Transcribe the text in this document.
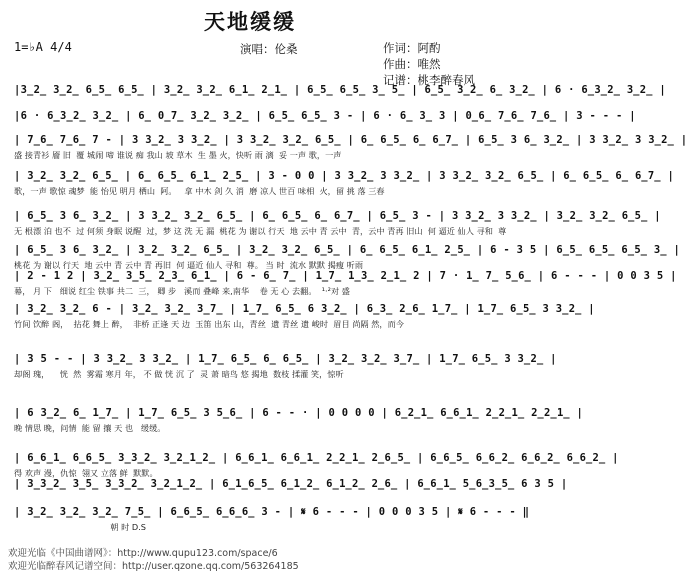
天地缓缓
1=♭A 4/4	演唱：伦桑	作词：阿酌
作曲：唯然
记谱：桃李醉春风
|3̲2̲ 3̲2̲ 6̲5̲ 6̲5̲ | 3̲2̲ 3̲2̲ 6̲1̲ 2̲1̲ | 6̲5̲ 6̲5̲ 3̲ 5̲ | 6̲5̲ 3̲2̲ 6̲ 3̲2̲ | 6 · 6̲3̲2̲ 3̲2̲ |
|6 · 6̲3̲2̲ 3̲2̲ | 6̲ 0̲7̲ 3̲2̲ 3̲2̲ | 6̲5̲ 6̲5̲ 3 - | 6 · 6̲ 3̲ 3 | 0̲6̲ 7̲6̲ 7̲6̲ | 3 - - - |
| 7̲6̲ 7̲6̲ 7 - | 3 3̲2̲ 3 3̲2̲ | 3 3̲2̲ 3̲2̲ 6̲5̲ | 6̲ 6̲5̲ 6̲ 6̲7̲ | 6̲5̲ 3 6̲ 3̲2̲ | 3 3̲2̲ 3 3̲2̲ |
盛 接青衫 靥 旧  覆 城闹 啼 谁说 痴 我山 坡 草木  生 墨 火，快听 雨 漓  妥 一声 歌，一声
| 3̲2̲ 3̲2̲ 6̲5̲ | 6̲ 6̲5̲ 6̲1̲ 2̲5̲ | 3 - 0 0 | 3 3̲2̲ 3 3̲2̲ | 3 3̲2̲ 3̲2̲ 6̲5̲ | 6̲ 6̲5̲ 6̲ 6̲7̲ |
歌，一声 歌惊 魂梦  能 怡见 明月 栖山  阿。   拿 中木 剑 久 消  磨 凉人 世百 味相  火，留 挑 落 三春
| 6̲5̲ 3 6̲ 3̲2̲ | 3 3̲2̲ 3̲2̲ 6̲5̲ | 6̲ 6̲5̲ 6̲ 6̲7̲ | 6̲5̲ 3 - | 3 3̲2̲ 3 3̲2̲ | 3̲2̲ 3̲2̲ 6̲5̲ |
无 根漂 泊 也不  过 何须 身眠 说醒  过，梦 这 洗 无 漏  桃花 为 谢以 行天  地 云中 青 云中  青，云中 青再 旧山  何 逼近 仙人 寻和  尊
| 6̲5̲ 3 6̲ 3̲2̲ | 3̲2̲ 3̲2̲ 6̲5̲ | 3̲2̲ 3̲2̲ 6̲5̲ | 6̲ 6̲5̲ 6̲1̲ 2̲5̲ | 6 - 3 5 | 6̲5̲ 6̲5̲ 6̲5̲ 3̲ |
桃花 为 谢以 行天  地 云中 青 云中 青 再旧  何 逼近 仙人 寻和  尊。 当 时  流水 默默 揭瘦 听雨
| 2 - 1 2 | 3̲2̲ 3̲5̲ 2̲3̲ 6̲1̲ | 6 - 6̲ 7̲ | 1̲7̲ 1̲3̲ 2̲1̲ 2 | 7 · 1̲ 7̲ 5̲6̲ | 6 - - - | 0 0 3 5 |
幕， 月 下   细说 红尘 铁事 共二  三， 卿 步   溪而 叠峰 来,南华    卷 无 心 去翻。  ¹·²对 盛
| 3̲2̲ 3̲2̲ 6 - | 3̲2̲ 3̲2̲ 3̲7̲ | 1̲7̲ 6̲5̲ 6 3̲2̲ | 6̲3̲ 2̲6̲ 1̲7̲ | 1̲7̲ 6̲5̲ 3 3̲2̲ |
竹间 饮醉 阁，  拈花 舞上 醉，  非桥 正逢 天 边  玉笛 出东 山，青丝  遗 青丝 遗 峻时  眉目 尚隔 然，而今
| 3 5 - - | 3 3̲2̲ 3 3̲2̲ | 1̲7̲ 6̲5̲ 6̲ 6̲5̲ | 3̲2̲ 3̲2̲ 3̲7̲ | 1̲7̲ 6̲5̲ 3 3̲2̲ |
却阁 瑰，    恍  然  雾霜 寒月 年， 不 做 恍 沉 了  灵 萧 暗鸟 悠 揭地  数枝 揉灌 笑，惊听
| 6 3̲2̲ 6̲ 1̲7̲ | 1̲7̲ 6̲5̲ 3 5̲6̲ | 6 - - · | 0 0 0 0 | 6̲2̲1̲ 6̲6̲1̲ 2̲2̲1̲ 2̲2̲1̲ |
晚 情思 晚，问情  能 留 攘 天 也   缓缓。
| 6̲6̲1̲ 6̲6̲5̲ 3̲3̲2̲ 3̲2̲1̲2̲ | 6̲6̲1̲ 6̲6̲1̲ 2̲2̲1̲ 2̲6̲5̲ | 6̲6̲5̲ 6̲6̲2̲ 6̲6̲2̲ 6̲6̲2̲ |
得 欢声 漫，仇惊  翎又 立落 鲜  默默。
| 3̲3̲2̲ 3̲5̲ 3̲3̲2̲ 3̲2̲1̲2̲ | 6̲1̲6̲5̲ 6̲1̲2̲ 6̲1̲2̲ 2̲6̲ | 6̲6̲1̲ 5̲6̲3̲5̲ 6 3 5 |
| 3̲2̲ 3̲2̲ 3̲2̲ 7̲5̲ | 6̲6̲5̲ 6̲6̲6̲ 3 - | 𝄋 6 - - - | 0 0 0 3 5 | 𝄋 6 - - - ‖
朝 时 D.S
欢迎光临《中国曲谱网》：http://www.qupu123.com/space/6
欢迎光临醉春风记谱空间：http://user.qzone.qq.com/563264185
